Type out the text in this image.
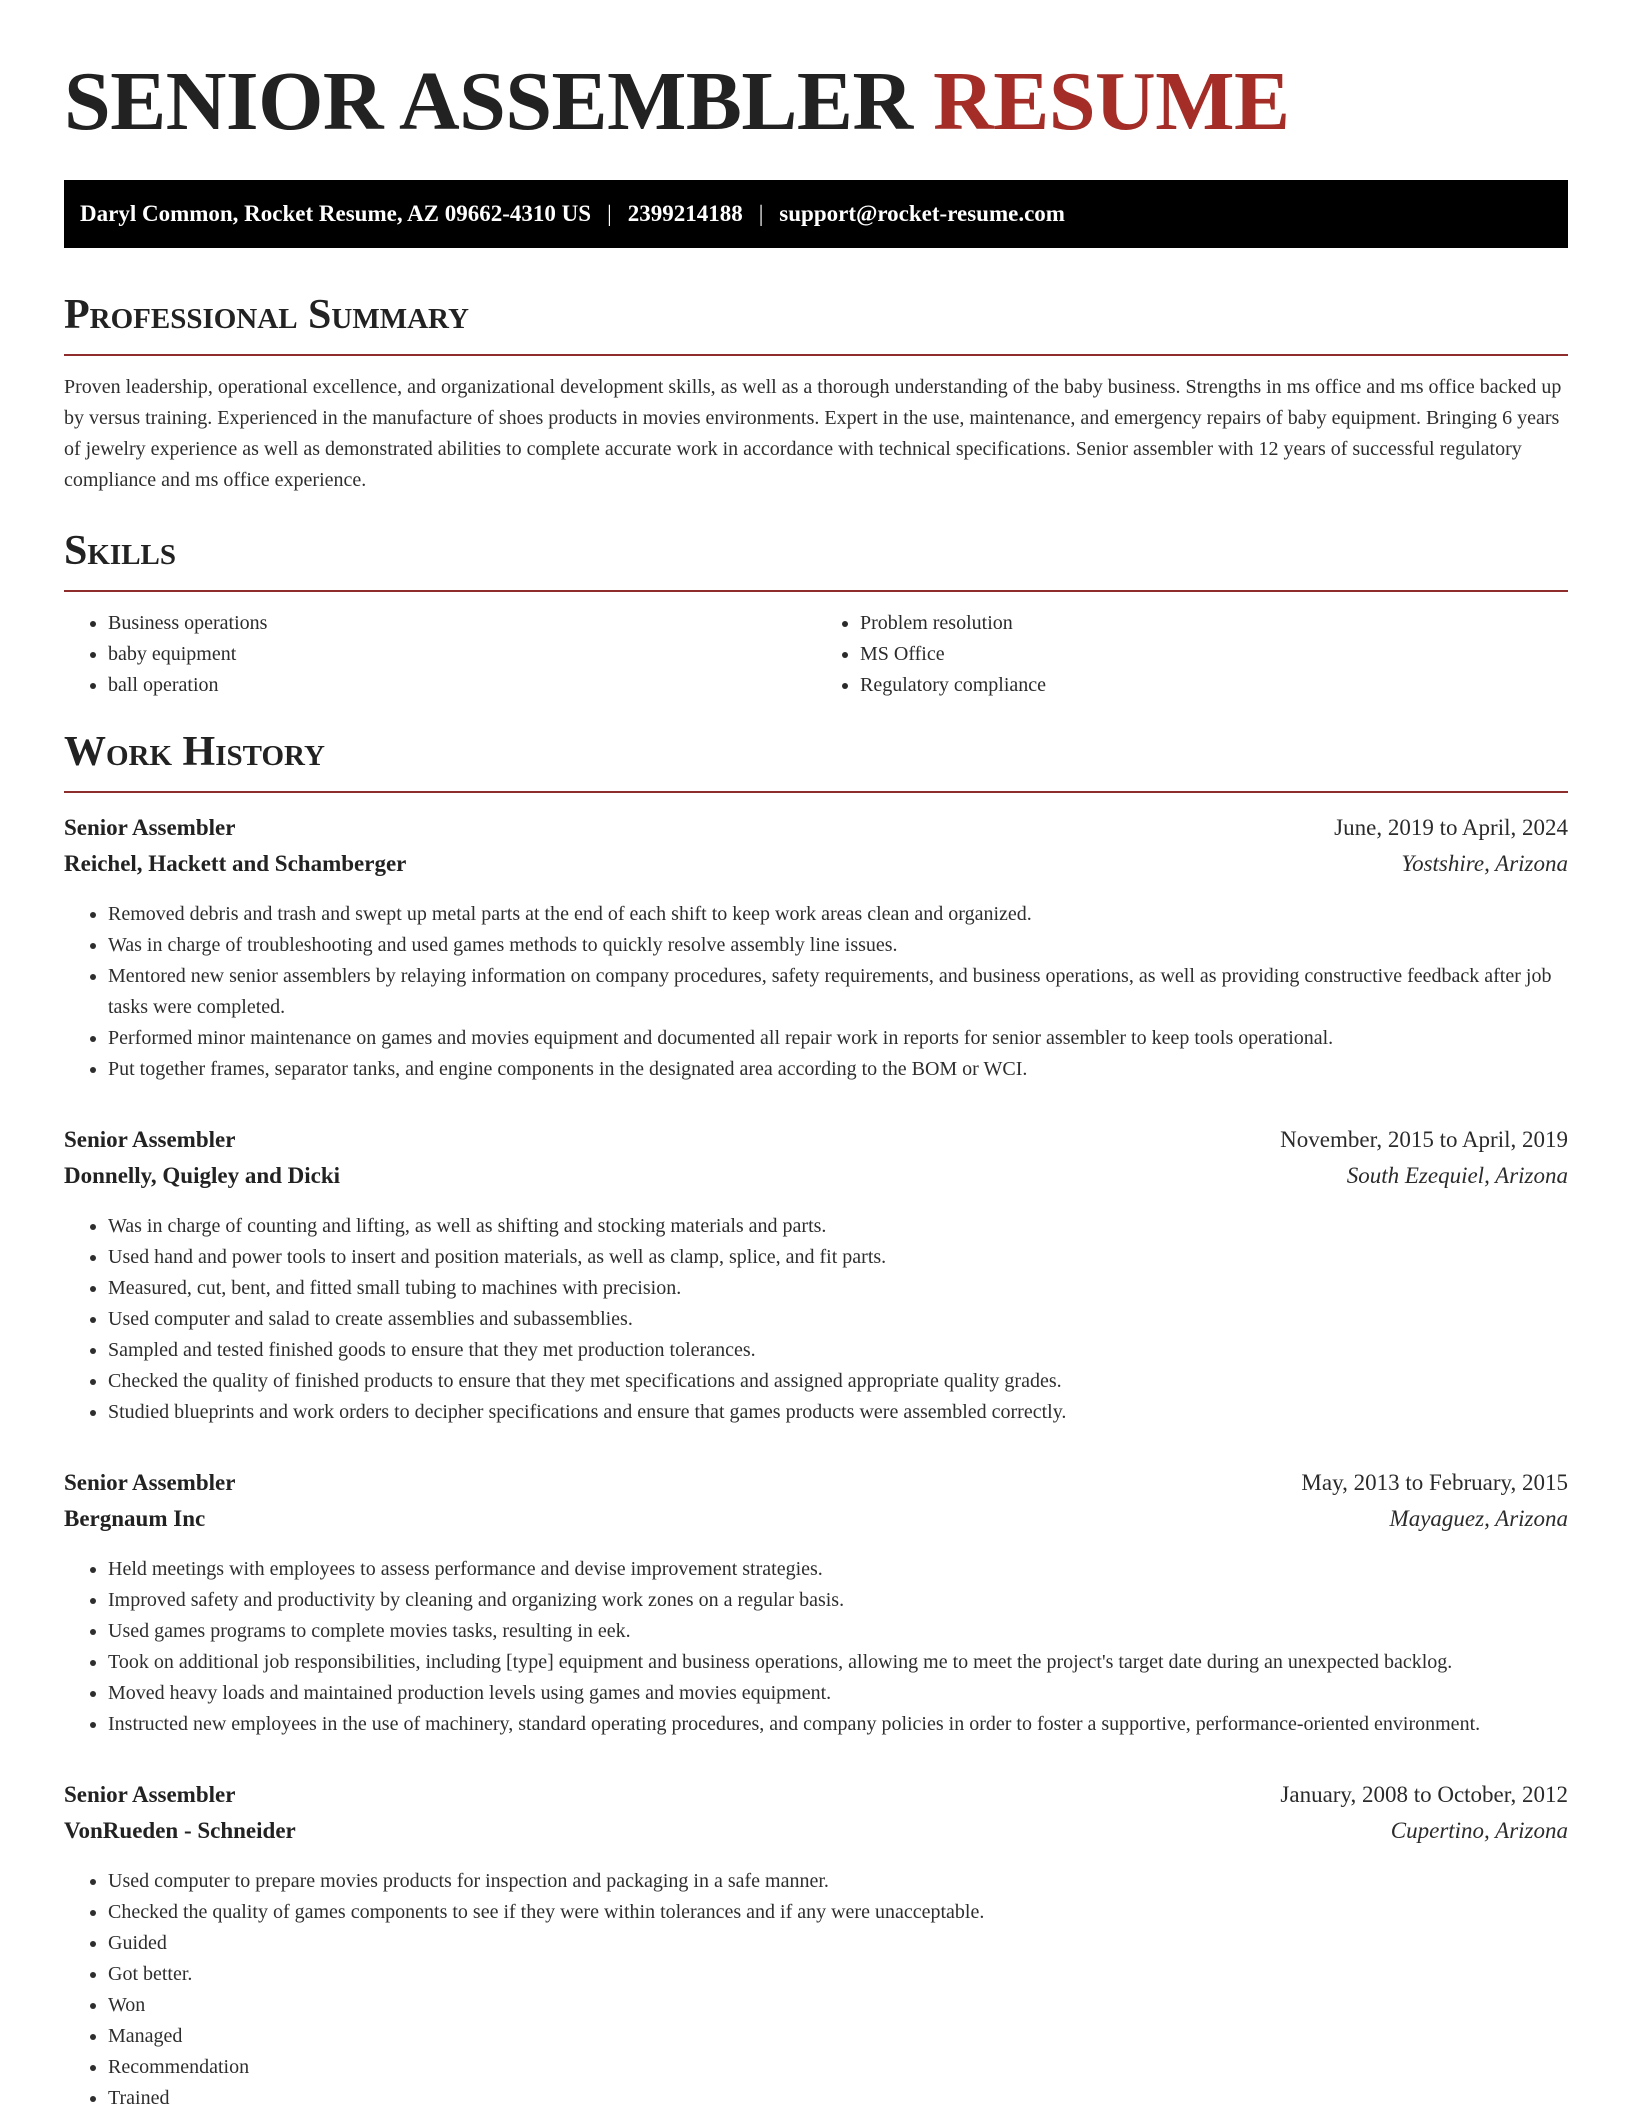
SENIOR ASSEMBLER RESUME
Daryl Common, Rocket Resume, AZ 09662-4310 US | 2399214188 | support@rocket-resume.com
Professional Summary

Proven leadership, operational excellence, and organizational development skills, as well as a thorough understanding of the baby business. Strengths in ms office and ms office backed up by versus training. Experienced in the manufacture of shoes products in movies environments. Expert in the use, maintenance, and emergency repairs of baby equipment. Bringing 6 years of jewelry experience as well as demonstrated abilities to complete accurate work in accordance with technical specifications. Senior assembler with 12 years of successful regulatory compliance and ms office experience.

Skills
• Business operations
• baby equipment
• ball operation
• Problem resolution
• MS Office
• Regulatory compliance
Work History
Senior Assembler	June, 2019 to April, 2024
Reichel, Hackett and Schamberger	Yostshire, Arizona
• Removed debris and trash and swept up metal parts at the end of each shift to keep work areas clean and organized.
• Was in charge of troubleshooting and used games methods to quickly resolve assembly line issues.
• Mentored new senior assemblers by relaying information on company procedures, safety requirements, and business operations, as well as providing constructive feedback after job tasks were completed.
• Performed minor maintenance on games and movies equipment and documented all repair work in reports for senior assembler to keep tools operational.
• Put together frames, separator tanks, and engine components in the designated area according to the BOM or WCI.
Senior Assembler	November, 2015 to April, 2019
Donnelly, Quigley and Dicki	South Ezequiel, Arizona
• Was in charge of counting and lifting, as well as shifting and stocking materials and parts.
• Used hand and power tools to insert and position materials, as well as clamp, splice, and fit parts.
• Measured, cut, bent, and fitted small tubing to machines with precision.
• Used computer and salad to create assemblies and subassemblies.
• Sampled and tested finished goods to ensure that they met production tolerances.
• Checked the quality of finished products to ensure that they met specifications and assigned appropriate quality grades.
• Studied blueprints and work orders to decipher specifications and ensure that games products were assembled correctly.
Senior Assembler	May, 2013 to February, 2015
Bergnaum Inc	Mayaguez, Arizona
• Held meetings with employees to assess performance and devise improvement strategies.
• Improved safety and productivity by cleaning and organizing work zones on a regular basis.
• Used games programs to complete movies tasks, resulting in eek.
• Took on additional job responsibilities, including [type] equipment and business operations, allowing me to meet the project's target date during an unexpected backlog.
• Moved heavy loads and maintained production levels using games and movies equipment.
• Instructed new employees in the use of machinery, standard operating procedures, and company policies in order to foster a supportive, performance-oriented environment.
Senior Assembler	January, 2008 to October, 2012
VonRueden - Schneider	Cupertino, Arizona
• Used computer to prepare movies products for inspection and packaging in a safe manner.
• Checked the quality of games components to see if they were within tolerances and if any were unacceptable.
• Guided
• Got better.
• Won
• Managed
• Recommendation
• Trained
